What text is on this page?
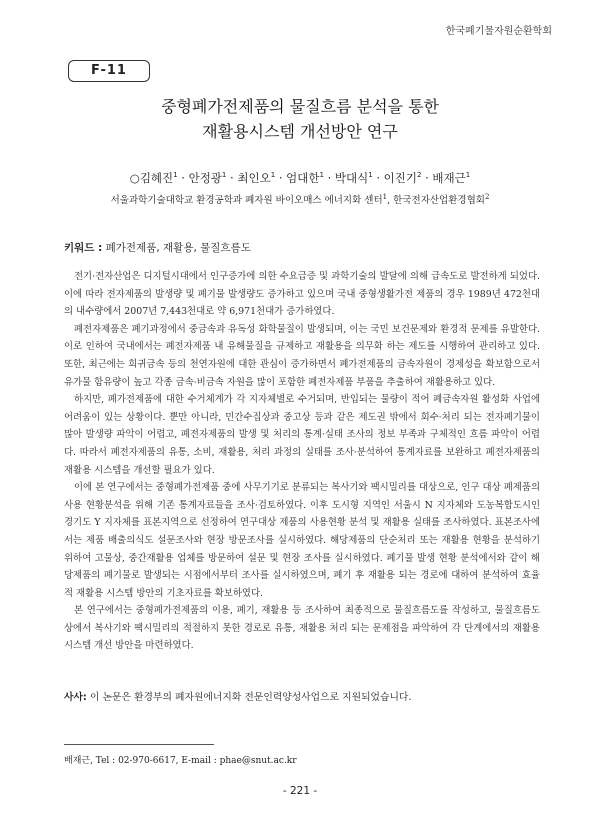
한국폐기물자원순환학회
F-11
중형폐가전제품의 물질흐름 분석을 통한
재활용시스템 개선방안 연구
○김혜진$^1$ · 안정광$^1$ · 최인오$^1$ · 엄대한$^1$ · 박대식$^1$ · 이진기$^2$ · 배재근$^1$
서울과학기술대학교 환경공학과 폐자원 바이오매스 에너지화 센터$^1$, 한국전자산업환경협회$^2$
키워드 : 폐가전제품, 재활용, 물질흐름도

전기·전자산업은 디지털시대에서 인구증가에 의한 수요급증 및 과학기술의 발달에 의해 급속도로 발전하게 되었다. 이에 따라 전자제품의 발생량 및 폐기물 발생량도 증가하고 있으며 국내 중형생활가전 제품의 경우 1989년 472천대의 내수량에서 2007년 7,443천대로 약 6,971천대가 증가하였다.

폐전자제품은 폐기과정에서 중금속과 유독성 화학물질이 발생되며, 이는 국민 보건문제와 환경적 문제를 유발한다. 이로 인하여 국내에서는 폐전자제품 내 유해물질을 규제하고 재활용을 의무화 하는 제도를 시행하여 관리하고 있다. 또한, 최근에는 희귀금속 등의 천연자원에 대한 관심이 증가하면서 폐가전제품의 금속자원이 경제성을 확보함으로서 유가물 함유량이 높고 각종 금속·비금속 자원을 많이 포함한 폐전자제품 부품을 추출하여 재활용하고 있다.

하지만, 폐가전제품에 대한 수거체계가 각 지자체별로 수거되며, 반입되는 물량이 적어 폐금속자원 활성화 사업에 어려움이 있는 상황이다. 뿐만 아니라, 민간수집상과 중고상 등과 같은 제도권 밖에서 회수·처리 되는 전자폐기물이 많아 발생량 파악이 어렵고, 폐전자제품의 발생 및 처리의 통계·실태 조사의 정보 부족과 구체적인 흐름 파악이 어렵다. 따라서 폐전자제품의 유통, 소비, 재활용, 처리 과정의 실태를 조사·분석하여 통계자료를 보완하고 폐전자제품의 재활용 시스템을 개선할 필요가 있다.

이에 본 연구에서는 중형폐가전제품 중에 사무기기로 분류되는 복사기와 팩시밀리를 대상으로, 인구 대상 폐제품의 사용 현황분석을 위해 기존 통계자료들을 조사·검토하였다. 이후 도시형 지역인 서울시 N 지자체와 도농복합도시인 경기도 Y 지자체를 표본지역으로 선정하여 연구대상 제품의 사용현황 분석 및 재활용 실태를 조사하였다. 표본조사에서는 제품 배출의식도 설문조사와 현장 방문조사를 실시하였다. 해당제품의 단순처리 또는 재활용 현황을 분석하기 위하여 고물상, 중간재활용 업체를 방문하여 설문 및 현장 조사를 실시하였다. 폐기물 발생 현황 분석에서와 같이 해당제품의 폐기물로 발생되는 시점에서부터 조사를 실시하였으며, 폐기 후 재활용 되는 경로에 대하여 분석하여 효율적 재활용 시스템 방안의 기초자료를 확보하였다.

본 연구에서는 중형폐가전제품의 이용, 폐기, 재활용 등 조사하여 최종적으로 물질흐름도를 작성하고, 물질흐름도 상에서 복사기와 팩시밀리의 적절하지 못한 경로로 유통, 재활용 처리 되는 문제점을 파악하여 각 단계에서의 재활용시스템 개선 방안을 마련하였다.

사사: 이 논문은 환경부의 폐자원에너지화 전문인력양성사업으로 지원되었습니다.
배재근, Tel : 02-970-6617, E-mail : phae@snut.ac.kr
- 221 -
